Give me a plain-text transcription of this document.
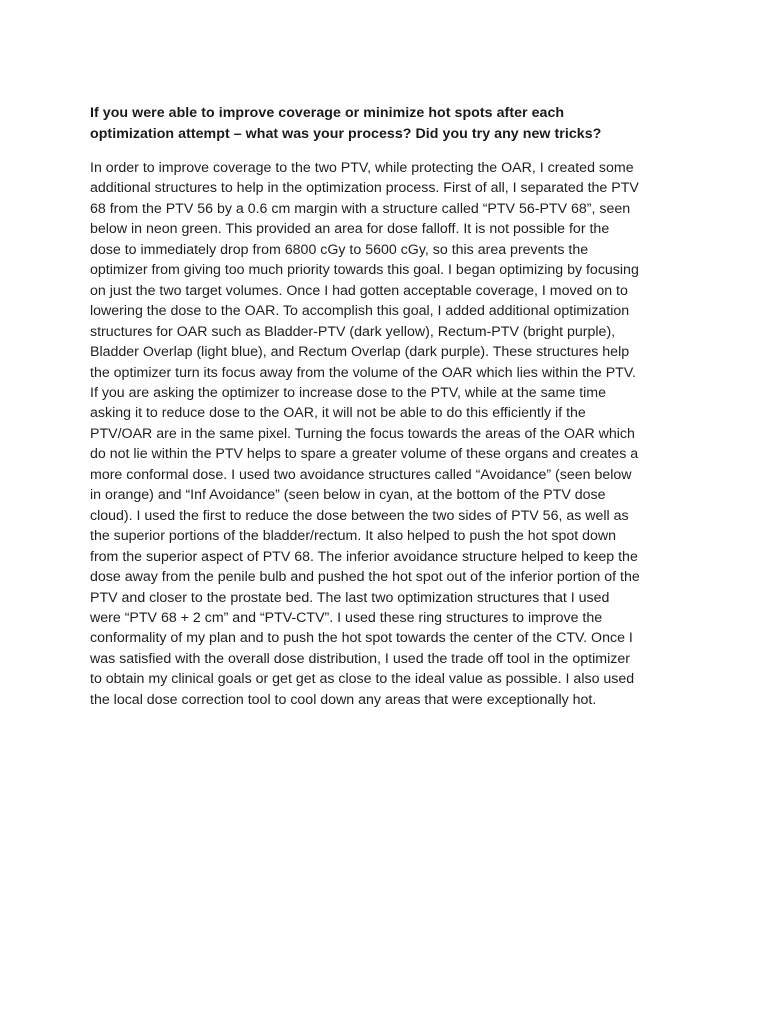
If you were able to improve coverage or minimize hot spots after each
optimization attempt – what was your process? Did you try any new tricks?
In order to improve coverage to the two PTV, while protecting the OAR, I created some
additional structures to help in the optimization process. First of all, I separated the PTV
68 from the PTV 56 by a 0.6 cm margin with a structure called “PTV 56-PTV 68”, seen
below in neon green. This provided an area for dose falloff. It is not possible for the
dose to immediately drop from 6800 cGy to 5600 cGy, so this area prevents the
optimizer from giving too much priority towards this goal. I began optimizing by focusing
on just the two target volumes. Once I had gotten acceptable coverage, I moved on to
lowering the dose to the OAR. To accomplish this goal, I added additional optimization
structures for OAR such as Bladder-PTV (dark yellow), Rectum-PTV (bright purple),
Bladder Overlap (light blue), and Rectum Overlap (dark purple). These structures help
the optimizer turn its focus away from the volume of the OAR which lies within the PTV.
If you are asking the optimizer to increase dose to the PTV, while at the same time
asking it to reduce dose to the OAR, it will not be able to do this efficiently if the
PTV/OAR are in the same pixel. Turning the focus towards the areas of the OAR which
do not lie within the PTV helps to spare a greater volume of these organs and creates a
more conformal dose. I used two avoidance structures called “Avoidance” (seen below
in orange) and “Inf Avoidance” (seen below in cyan, at the bottom of the PTV dose
cloud). I used the first to reduce the dose between the two sides of PTV 56, as well as
the superior portions of the bladder/rectum. It also helped to push the hot spot down
from the superior aspect of PTV 68. The inferior avoidance structure helped to keep the
dose away from the penile bulb and pushed the hot spot out of the inferior portion of the
PTV and closer to the prostate bed. The last two optimization structures that I used
were “PTV 68 + 2 cm” and “PTV-CTV”. I used these ring structures to improve the
conformality of my plan and to push the hot spot towards the center of the CTV. Once I
was satisfied with the overall dose distribution, I used the trade off tool in the optimizer
to obtain my clinical goals or get get as close to the ideal value as possible. I also used
the local dose correction tool to cool down any areas that were exceptionally hot.
